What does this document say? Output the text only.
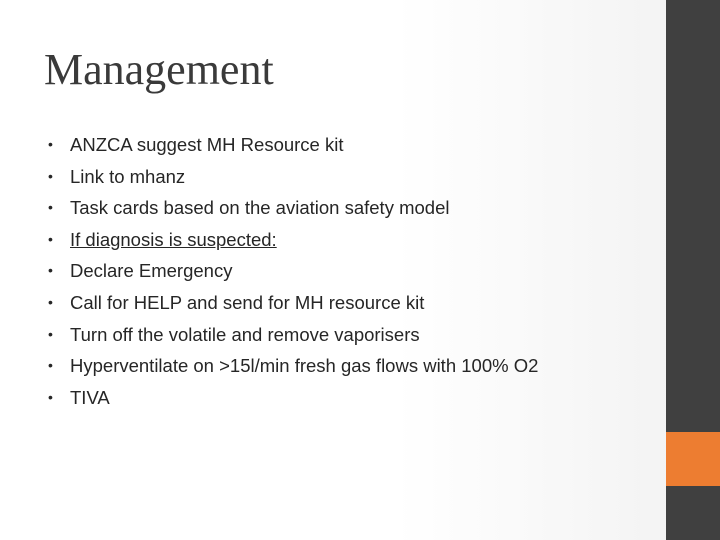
Management
• ANZCA suggest MH Resource kit
• Link to mhanz
• Task cards based on the aviation safety model
• If diagnosis is suspected:
• Declare Emergency
• Call for HELP and send for MH resource kit
• Turn off the volatile and remove vaporisers
• Hyperventilate on >15l/min fresh gas flows with 100% O2
• TIVA
